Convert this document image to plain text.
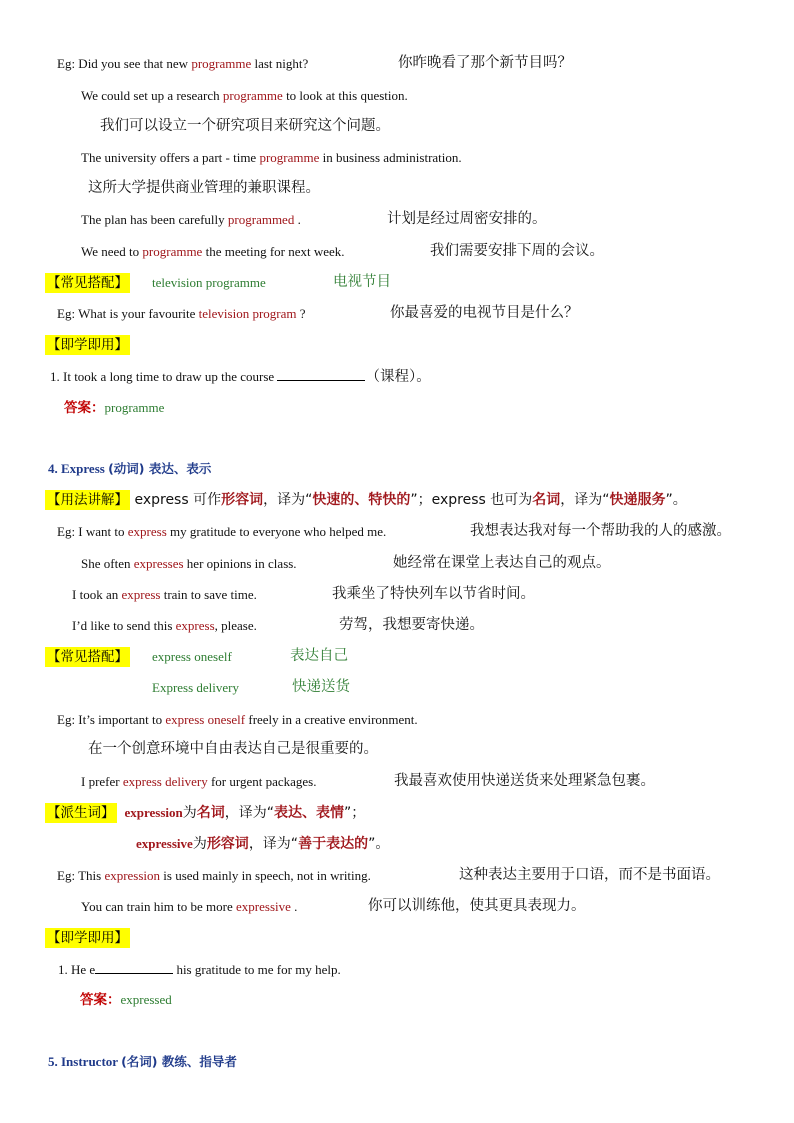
Eg: Did you see that new programme last night?	你昨晚看了那个新节目吗？
We could set up a research programme to look at this question.
我们可以设立一个研究项目来研究这个问题。
The university offers a part - time programme in business administration.
这所大学提供商业管理的兼职课程。
The plan has been carefully programmed .	计划是经过周密安排的。
We need to programme the meeting for next week.	我们需要安排下周的会议。
【常见搭配】 television programme	电视节目
Eg: What is your favourite television program ?	你最喜爱的电视节目是什么？
【即学即用】
1. It took a long time to draw up the course	（课程）。
答案：programme
4. Express (动词) 表达、表示
【用法讲解】 express 可作形容词，译为“快速的、特快的”；express 也可为名词，译为“快递服务”。
Eg: I want to express my gratitude to everyone who helped me.	我想表达我对每一个帮助我的人的感激。
She often expresses her opinions in class.	她经常在课堂上表达自己的观点。
I took an express train to save time.	我乘坐了特快列车以节省时间。
I’d like to send this express, please.	劳驾，我想要寄快递。
【常见搭配】 express oneself	表达自己
Express delivery	快递送货
Eg: It’s important to express oneself freely in a creative environment.
在一个创意环境中自由表达自己是很重要的。
I prefer express delivery for urgent packages.	我最喜欢使用快递送货来处理紧急包裹。
【派生词】 expression为名词，译为“表达、表情”；
expressive为形容词，译为“善于表达的”。
Eg: This expression is used mainly in speech, not in writing.	这种表达主要用于口语，而不是书面语。
You can train him to be more expressive .	你可以训练他，使其更具表现力。
【即学即用】
1. He e	his gratitude to me for my help.
答案：expressed
5. Instructor (名词) 教练、指导者
